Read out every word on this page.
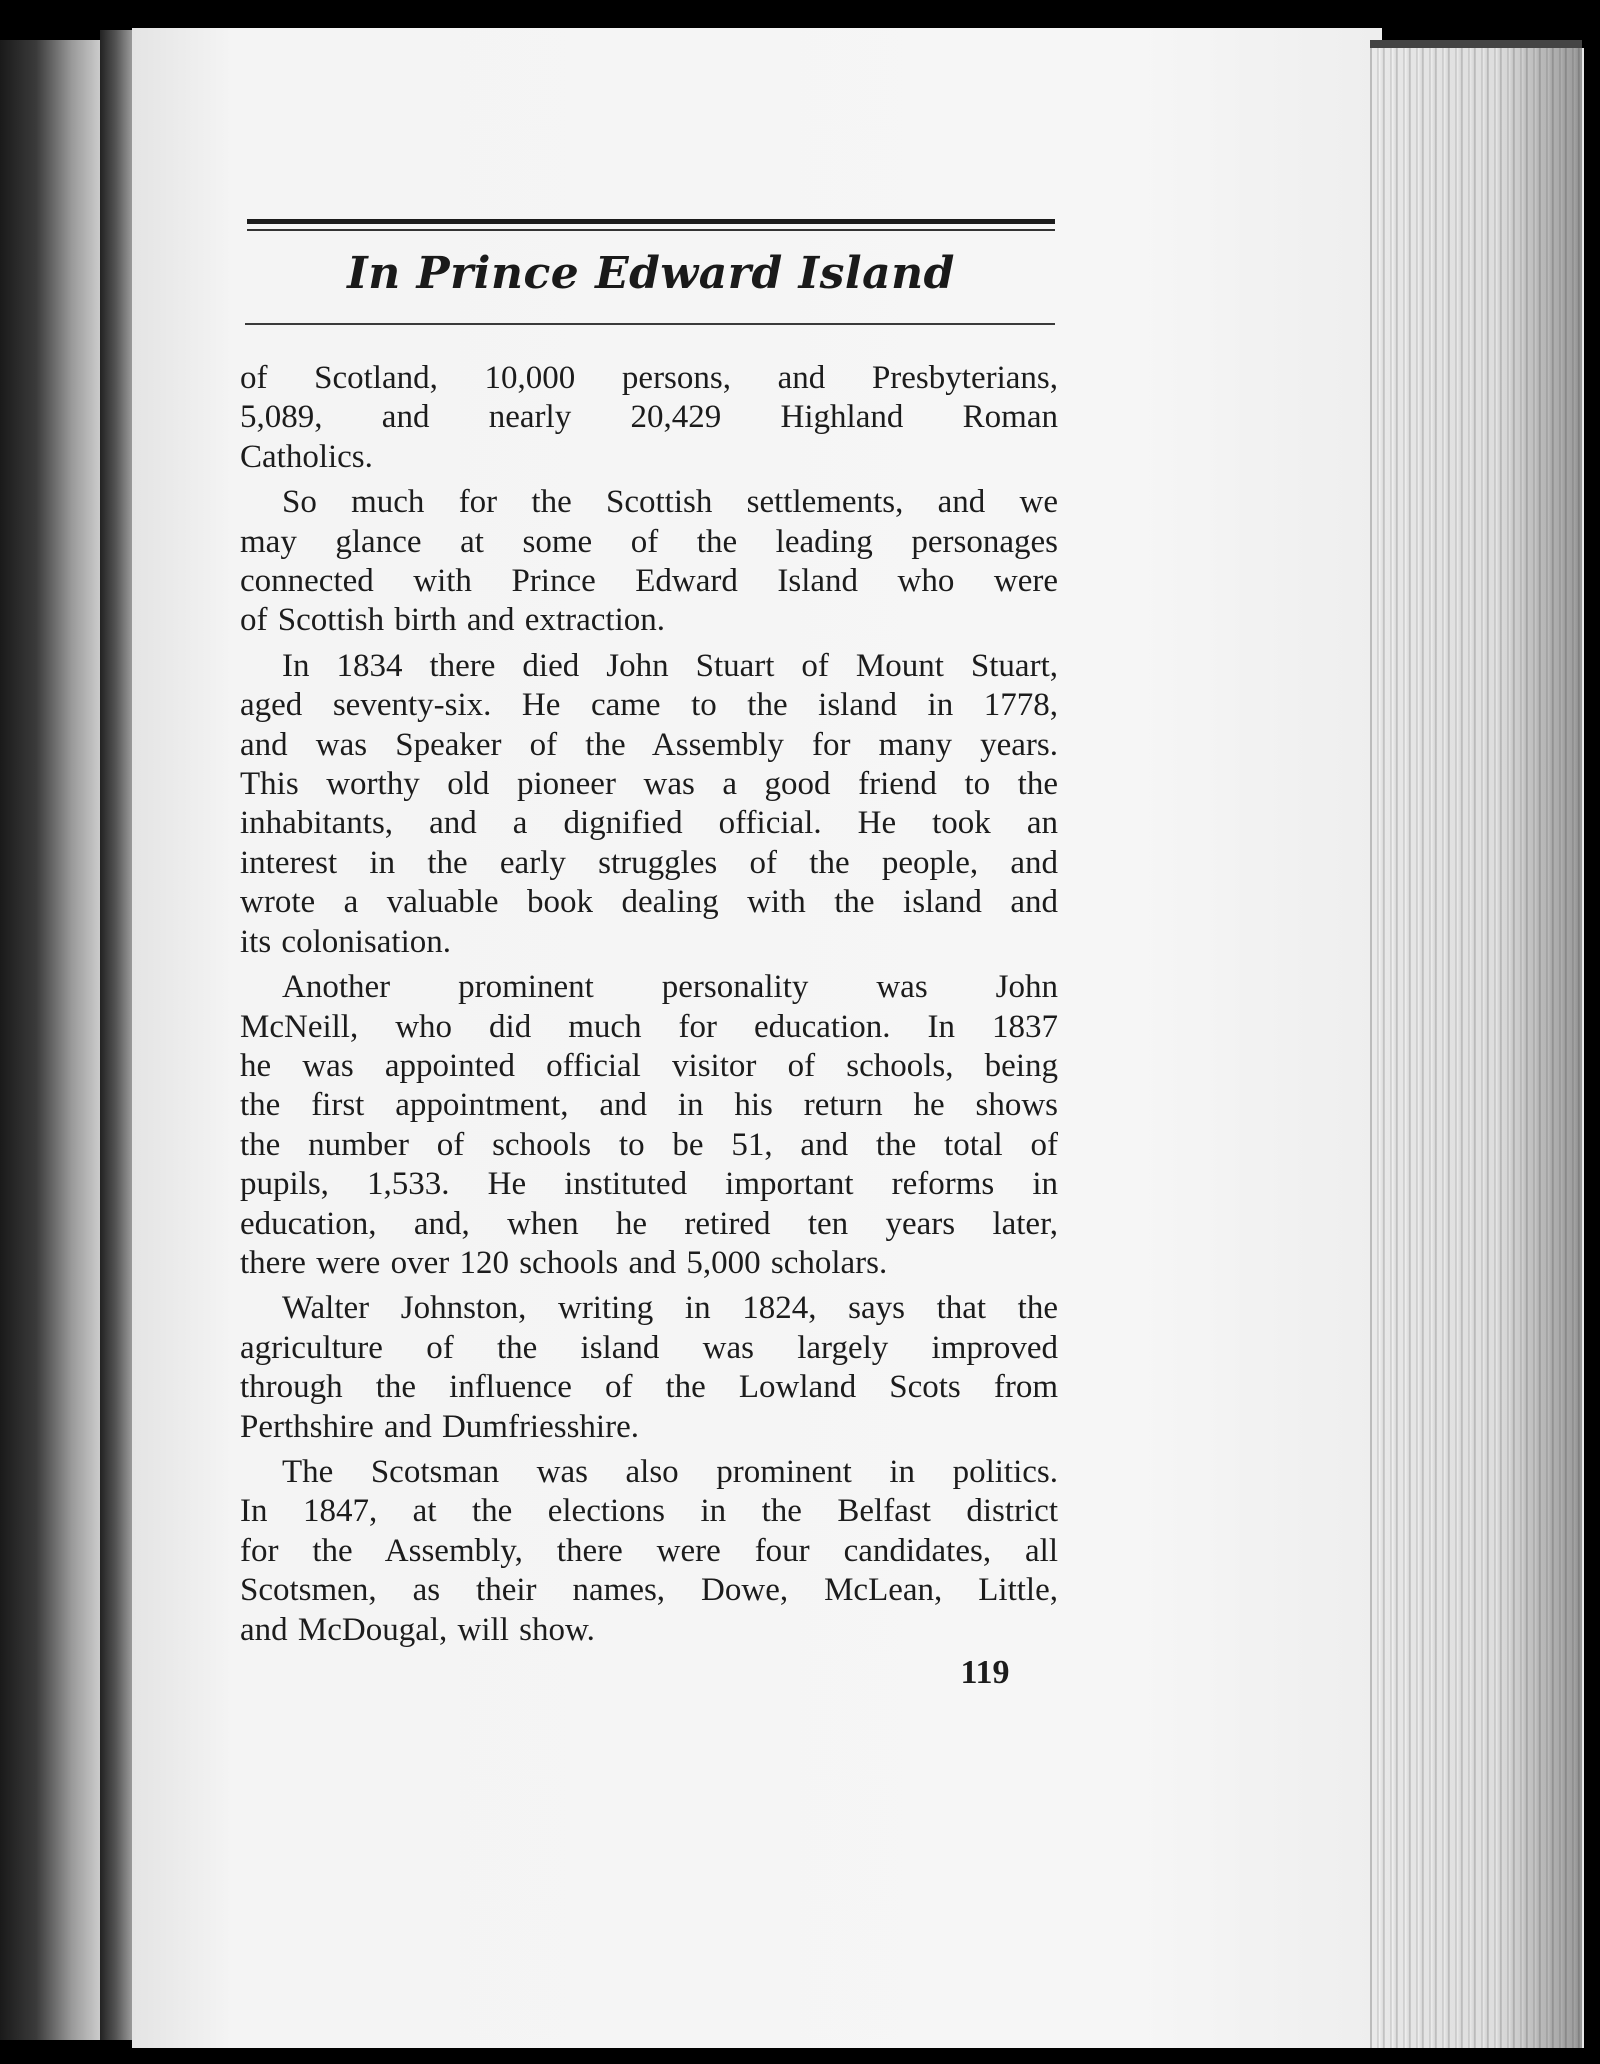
In Prince Edward Island
of Scotland, 10,000 persons, and Presbyterians,
5,089, and nearly 20,429 Highland Roman
Catholics.
So much for the Scottish settlements, and we
may glance at some of the leading personages
connected with Prince Edward Island who were
of Scottish birth and extraction.
In 1834 there died John Stuart of Mount Stuart,
aged seventy-six. He came to the island in 1778,
and was Speaker of the Assembly for many years.
This worthy old pioneer was a good friend to the
inhabitants, and a dignified official. He took an
interest in the early struggles of the people, and
wrote a valuable book dealing with the island and
its colonisation.
Another prominent personality was John
McNeill, who did much for education. In 1837
he was appointed official visitor of schools, being
the first appointment, and in his return he shows
the number of schools to be 51, and the total of
pupils, 1,533. He instituted important reforms in
education, and, when he retired ten years later,
there were over 120 schools and 5,000 scholars.
Walter Johnston, writing in 1824, says that the
agriculture of the island was largely improved
through the influence of the Lowland Scots from
Perthshire and Dumfriesshire.
The Scotsman was also prominent in politics.
In 1847, at the elections in the Belfast district
for the Assembly, there were four candidates, all
Scotsmen, as their names, Dowe, McLean, Little,
and McDougal, will show.
119
